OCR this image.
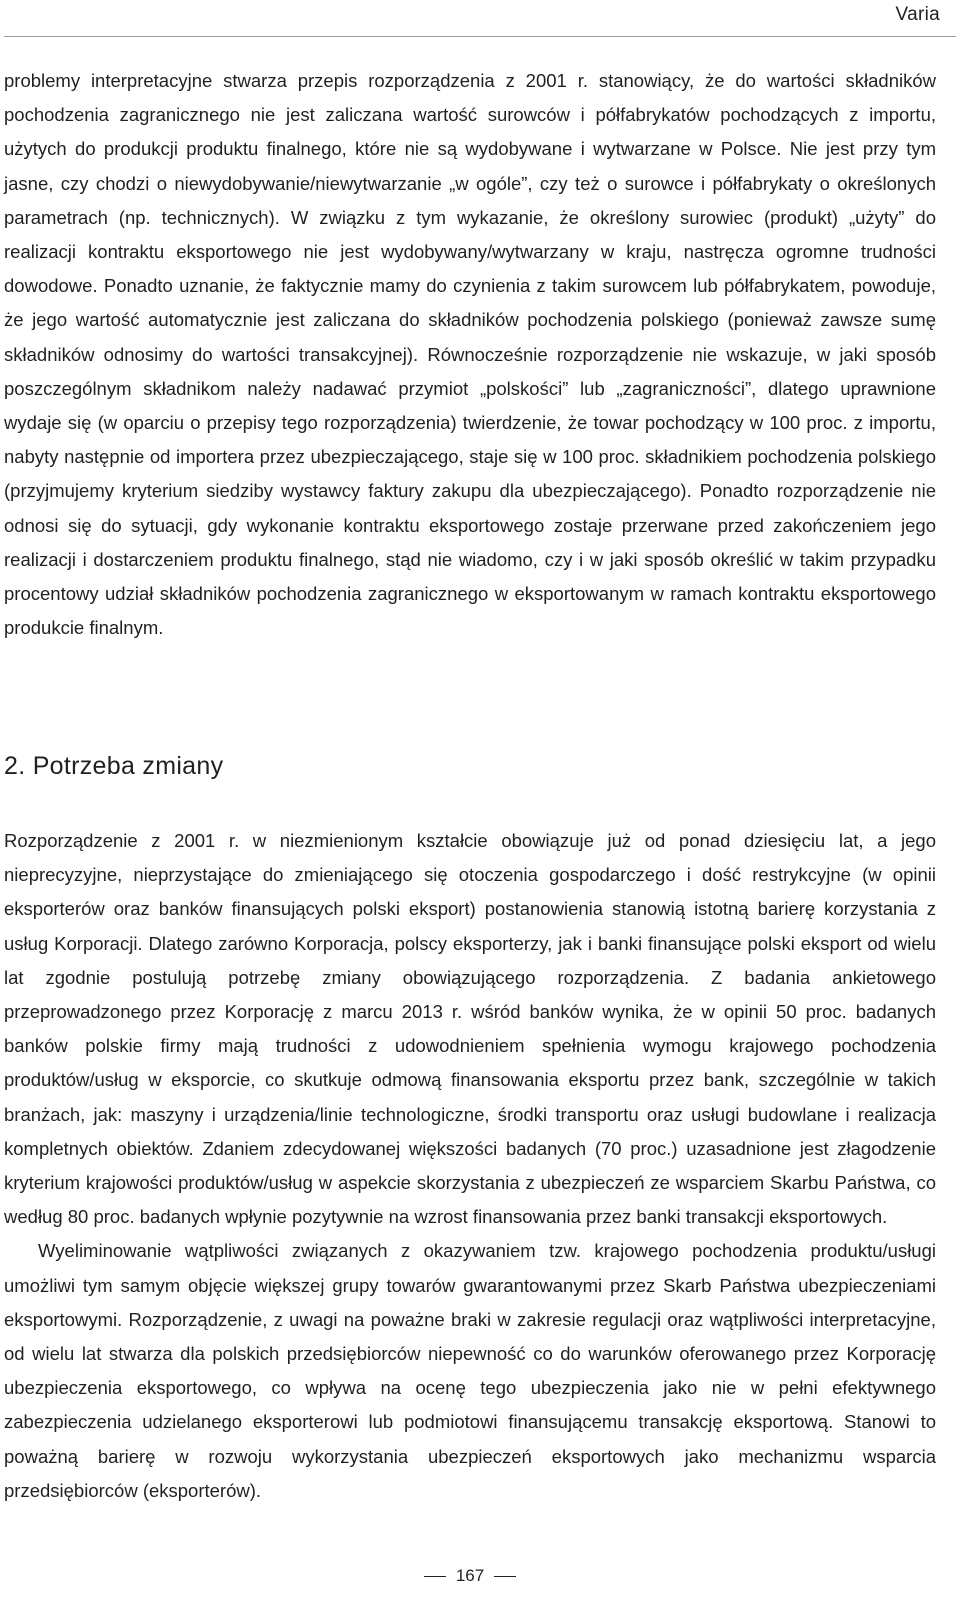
Varia

problemy interpretacyjne stwarza przepis rozporządzenia z 2001 r. stanowiący, że do wartości składników pochodzenia zagranicznego nie jest zaliczana wartość surowców i półfabrykatów pochodzących z importu, użytych do produkcji produktu finalnego, które nie są wydobywane i wytwarzane w Polsce. Nie jest przy tym jasne, czy chodzi o niewydobywanie/niewytwarzanie „w ogóle”, czy też o surowce i półfabrykaty o określonych parametrach (np. technicznych). W związku z tym wykazanie, że określony surowiec (produkt) „użyty” do realizacji kontraktu eksportowego nie jest wydobywany/wytwarzany w kraju, nastręcza ogromne trudności dowodowe. Ponadto uznanie, że faktycznie mamy do czynienia z takim surowcem lub półfabrykatem, powoduje, że jego wartość automatycznie jest zaliczana do składników pochodzenia polskiego (ponieważ zawsze sumę składników odnosimy do wartości transakcyjnej). Równocześnie rozporządzenie nie wskazuje, w jaki sposób poszczególnym składnikom należy nadawać przymiot „polskości” lub „zagraniczności”, dlatego uprawnione wydaje się (w oparciu o przepisy tego rozporządzenia) twierdzenie, że towar pochodzący w 100 proc. z importu, nabyty następnie od importera przez ubezpieczającego, staje się w 100 proc. składnikiem pochodzenia polskiego (przyjmujemy kryterium siedziby wystawcy faktury zakupu dla ubezpieczającego). Ponadto rozporządzenie nie odnosi się do sytuacji, gdy wykonanie kontraktu eksportowego zostaje przerwane przed zakończeniem jego realizacji i dostarczeniem produktu finalnego, stąd nie wiadomo, czy i w jaki sposób określić w takim przypadku procentowy udział składników pochodzenia zagranicznego w eksportowanym w ramach kontraktu eksportowego produkcie finalnym.

2. Potrzeba zmiany

Rozporządzenie z 2001 r. w niezmienionym kształcie obowiązuje już od ponad dziesięciu lat, a jego nieprecyzyjne, nieprzystające do zmieniającego się otoczenia gospodarczego i dość restrykcyjne (w opinii eksporterów oraz banków finansujących polski eksport) postanowienia stanowią istotną barierę korzystania z usług Korporacji. Dlatego zarówno Korporacja, polscy eksporterzy, jak i banki finansujące polski eksport od wielu lat zgodnie postulują potrzebę zmiany obowiązującego rozporządzenia. Z badania ankietowego przeprowadzonego przez Korporację z marcu 2013 r. wśród banków wynika, że w opinii 50 proc. badanych banków polskie firmy mają trudności z udowodnieniem spełnienia wymogu krajowego pochodzenia produktów/usług w eksporcie, co skutkuje odmową finansowania eksportu przez bank, szczególnie w takich branżach, jak: maszyny i urządzenia/linie technologiczne, środki transportu oraz usługi budowlane i realizacja kompletnych obiektów. Zdaniem zdecydowanej większości badanych (70 proc.) uzasadnione jest złagodzenie kryterium krajowości produktów/usług w aspekcie skorzystania z ubezpieczeń ze wsparciem Skarbu Państwa, co według 80 proc. badanych wpłynie pozytywnie na wzrost finansowania przez banki transakcji eksportowych.

Wyeliminowanie wątpliwości związanych z okazywaniem tzw. krajowego pochodzenia produktu/usługi umożliwi tym samym objęcie większej grupy towarów gwarantowanymi przez Skarb Państwa ubezpieczeniami eksportowymi. Rozporządzenie, z uwagi na poważne braki w zakresie regulacji oraz wątpliwości interpretacyjne, od wielu lat stwarza dla polskich przedsiębiorców niepewność co do warunków oferowanego przez Korporację ubezpieczenia eksportowego, co wpływa na ocenę tego ubezpieczenia jako nie w pełni efektywnego zabezpieczenia udzielanego eksporterowi lub podmiotowi finansującemu transakcję eksportową. Stanowi to poważną barierę w rozwoju wykorzystania ubezpieczeń eksportowych jako mechanizmu wsparcia przedsiębiorców (eksporterów).

167
